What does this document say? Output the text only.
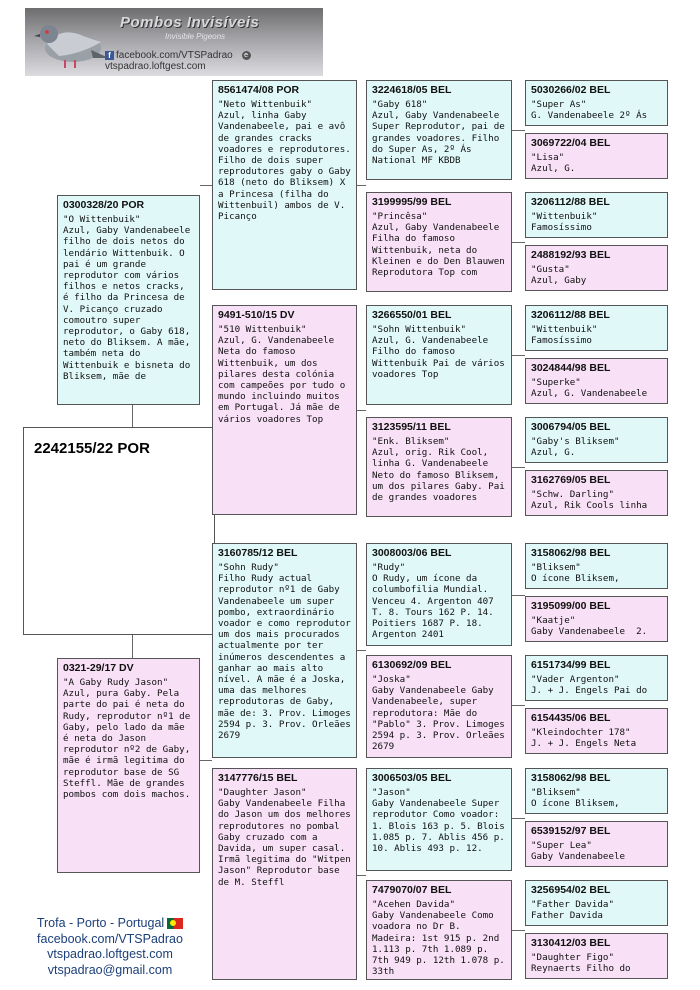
Pombos Invisíveis
Invisible Pigeons
f facebook.com/VTSPadrao evtspadrao.loftgest.com
2242155/22 POR
0300328/20 POR
"O Wittenbuik"
Azul, Gaby Vandenabeele filho de dois netos do lendário Wittenbuik. O pai é um grande reprodutor com vários filhos e netos cracks, é filho da Princesa de V. Picanço cruzado comoutro super reprodutor, o Gaby 618, neto do Bliksem. A mãe, também neta do Wittenbuik e bisneta do Bliksem, mãe de
0321-29/17 DV
"A Gaby Rudy Jason"
Azul, pura Gaby. Pela parte do pai é neta do Rudy, reprodutor nº1 de Gaby, pelo lado da mãe é neta do Jason reprodutor nº2 de Gaby, mãe é irmã legitima do reprodutor base de SG Steffl. Mãe de grandes pombos com dois machos.
8561474/08 POR
"Neto Wittenbuik"
Azul, linha Gaby Vandenabeele, pai e avô de grandes cracks voadores e reprodutores. Filho de dois super reprodutores gaby o Gaby 618 (neto do Bliksem) X a Princesa (filha do Wittenbuil) ambos de V. Picanço
9491-510/15 DV
"510 Wittenbuik"
Azul, G. Vandenabeele Neta do famoso Wittenbuik, um dos pilares desta colónia com campeões por tudo o mundo incluindo muitos em Portugal. Já mãe de vários voadores Top
3160785/12 BEL
"Sohn Rudy"
Filho Rudy actual reprodutor nº1 de Gaby Vandenabeele um super pombo, extraordinário voador e como reprodutor um dos mais procurados actualmente por ter inúmeros descendentes a ganhar ao mais alto nível. A mãe é a Joska, uma das melhores reprodutoras de Gaby, mãe de: 3. Prov. Limoges 2594 p. 3. Prov. Orleães 2679
3147776/15 BEL
"Daughter Jason"
Gaby Vandenabeele Filha do Jason um dos melhores reprodutores no pombal Gaby cruzado com a Davida, um super casal. Irmã legitima do "Witpen Jason" Reprodutor base de M. Steffl
3224618/05 BEL
"Gaby 618"
Azul, Gaby Vandenabeele Super Reprodutor, pai de grandes voadores. Filho do Super As, 2º Ás National MF KBDB
3199995/99 BEL
"Princêsa"
Azul, Gaby Vandenabeele Filha do famoso Wittenbuik, neta do Kleinen e do Den Blauwen Reprodutora Top com
3266550/01 BEL
"Sohn Wittenbuik"
Azul, G. Vandenabeele Filho do famoso Wittenbuik Pai de vários voadores Top
3123595/11 BEL
"Enk. Bliksem"
Azul, orig. Rik Cool, linha G. Vandenabeele Neto do famoso Bliksem, um dos pilares Gaby. Pai de grandes voadores
3008003/06 BEL
"Rudy"
O Rudy, um ícone da columbofilia Mundial. Venceu 4. Argenton 407 T. 8. Tours 162 P. 14. Poitiers 1687 P. 18. Argenton 2401
6130692/09 BEL
"Joska"
Gaby Vandenabeele Gaby Vandenabeele, super reprodutora: Mãe do "Pablo" 3. Prov. Limoges 2594 p. 3. Prov. Orleães 2679
3006503/05 BEL
"Jason"
Gaby Vandenabeele Super reprodutor Como voador: 1. Blois 163 p. 5. Blois 1.085 p. 7. Ablis 456 p. 10. Ablis 493 p. 12.
7479070/07 BEL
"Acehen Davida"
Gaby Vandenabeele Como voadora no Dr B. Madeira: 1st 915 p. 2nd 1.113 p. 7th 1.089 p. 7th 949 p. 12th 1.078 p. 33th
5030266/02 BEL
"Super As"
G. Vandenabeele 2º Ás
3069722/04 BEL
"Lisa"
Azul, G.
3206112/88 BEL
"Wittenbuik"
Famosíssimo
2488192/93 BEL
"Gusta"
Azul, Gaby
3206112/88 BEL
"Wittenbuik"
Famosíssimo
3024844/98 BEL
"Superke"
Azul, G. Vandenabeele
3006794/05 BEL
"Gaby's Bliksem"
Azul, G.
3162769/05 BEL
"Schw. Darling"
Azul, Rik Cools linha
3158062/98 BEL
"Bliksem"
O ícone Bliksem,
3195099/00 BEL
"Kaatje"
Gaby Vandenabeele  2.
6151734/99 BEL
"Vader Argenton"
J. + J. Engels Pai do
6154435/06 BEL
"Kleindochter 178"
J. + J. Engels Neta
3158062/98 BEL
"Bliksem"
O ícone Bliksem,
6539152/97 BEL
"Super Lea"
Gaby Vandenabeele
3256954/02 BEL
"Father Davida"
Father Davida
3130412/03 BEL
"Daughter Figo"
Reynaerts Filho do
Trofa - Porto - Portugal
facebook.com/VTSPadrao
vtspadrao.loftgest.com
vtspadrao@gmail.com
